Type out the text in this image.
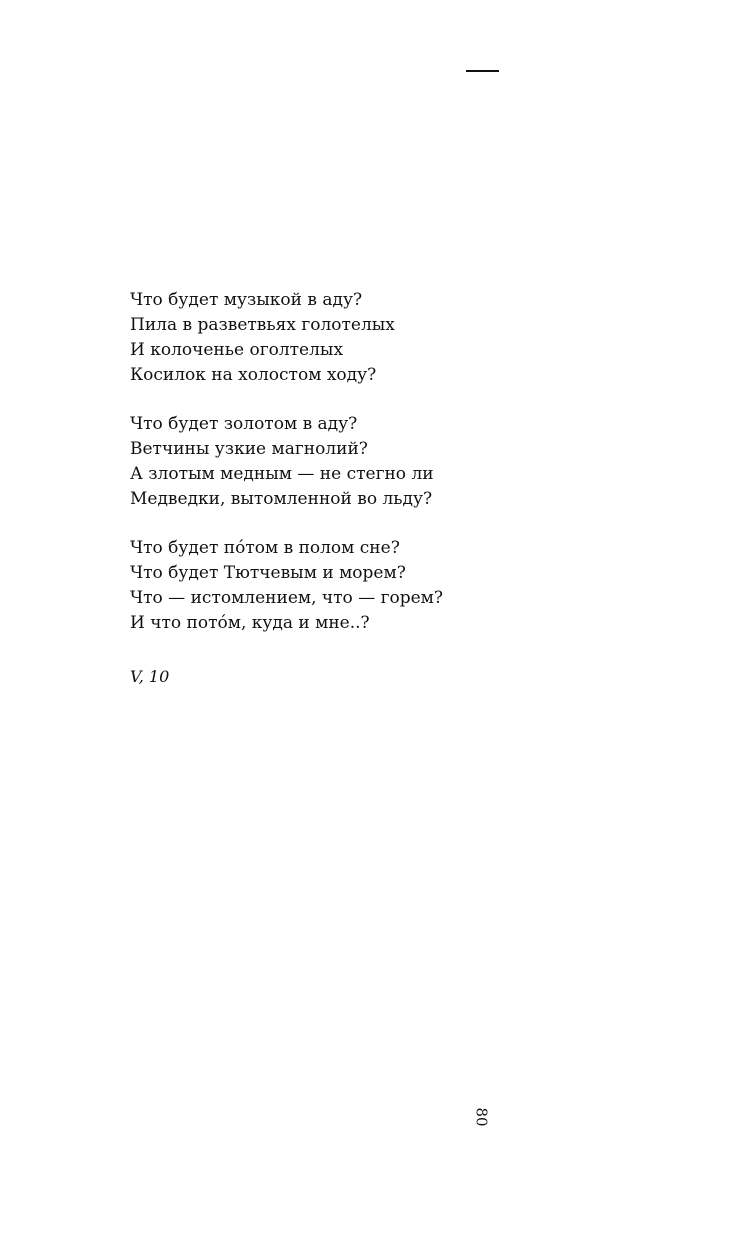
Что будет музыкой в аду?
Пила в разветвьях голотелых
И колоченье оголтелых
Косилок на холостом ходу?
Что будет золотом в аду?
Ветчины узкие магнолий?
А злотым медным — не стегно ли
Медведки, вытомленной во льду?
Что будет пóтом в полом сне?
Что будет Тютчевым и морем?
Что — истомлением, что — горем?
И что потóм, куда и мне..?
V, 10
80
